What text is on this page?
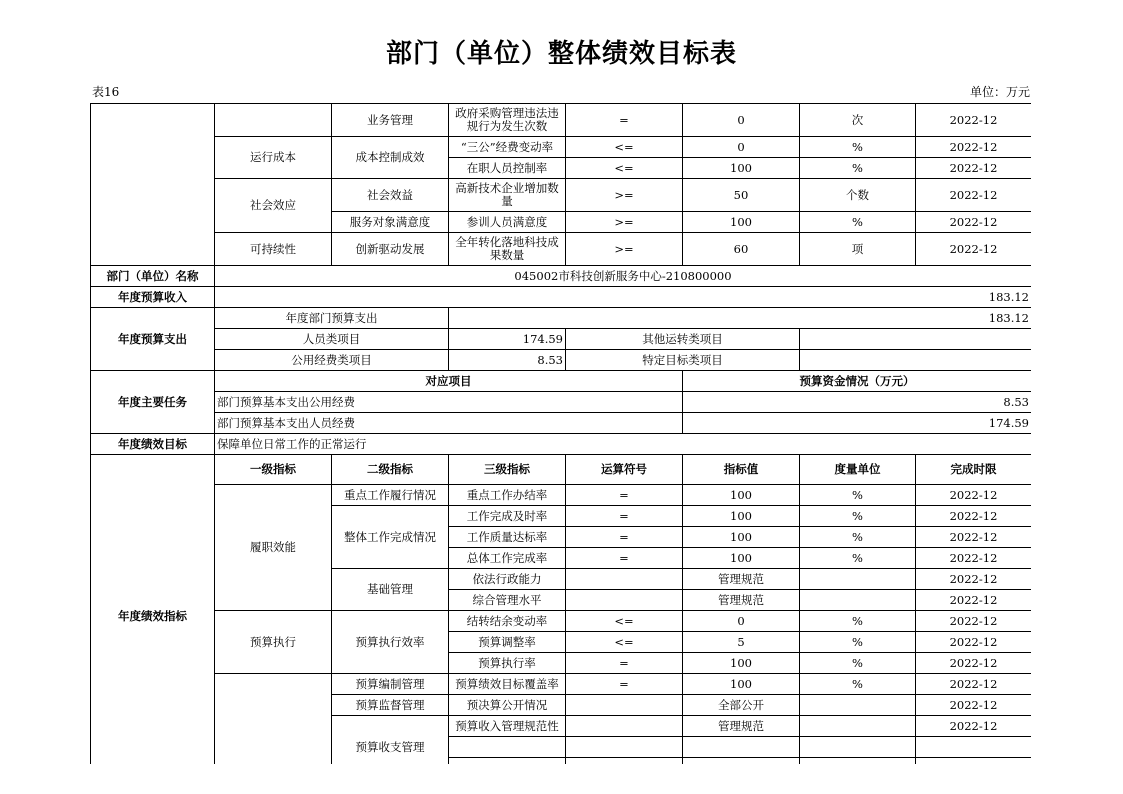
部门（单位）整体绩效目标表
表16	单位：万元
		业务管理	政府采购管理违法违规行为发生次数	=	0	次	2022-12
	运行成本	成本控制成效	“三公”经费变动率	<=	0	%	2022-12
			在职人员控制率	<=	100	%	2022-12
	社会效应	社会效益	高新技术企业增加数量	>=	50	个数	2022-12
		服务对象满意度	参训人员满意度	>=	100	%	2022-12
	可持续性	创新驱动发展	全年转化落地科技成果数量	>=	60	项	2022-12
部门（单位）名称	045002市科技创新服务中心-210800000						
年度预算收入	183.12						
年度预算支出	年度部门预算支出		183.12				
	人员类项目		174.59	其他运转类项目			
	公用经费类项目		8.53	特定目标类项目			
年度主要任务	对应项目				预算资金情况（万元）		
	部门预算基本支出公用经费				8.53		
	部门预算基本支出人员经费				174.59		
年度绩效目标	保障单位日常工作的正常运行						
年度绩效指标	一级指标	二级指标	三级指标	运算符号	指标值	度量单位	完成时限
	履职效能	重点工作履行情况	重点工作办结率	=	100	%	2022-12
		整体工作完成情况	工作完成及时率	=	100	%	2022-12
			工作质量达标率	=	100	%	2022-12
			总体工作完成率	=	100	%	2022-12
		基础管理	依法行政能力		管理规范		2022-12
			综合管理水平		管理规范		2022-12
	预算执行	预算执行效率	结转结余变动率	<=	0	%	2022-12
			预算调整率	<=	5	%	2022-12
			预算执行率	=	100	%	2022-12
		预算编制管理	预算绩效目标覆盖率	=	100	%	2022-12
		预算监督管理	预决算公开情况		全部公开		2022-12
		预算收支管理	预算收入管理规范性		管理规范		2022-12
